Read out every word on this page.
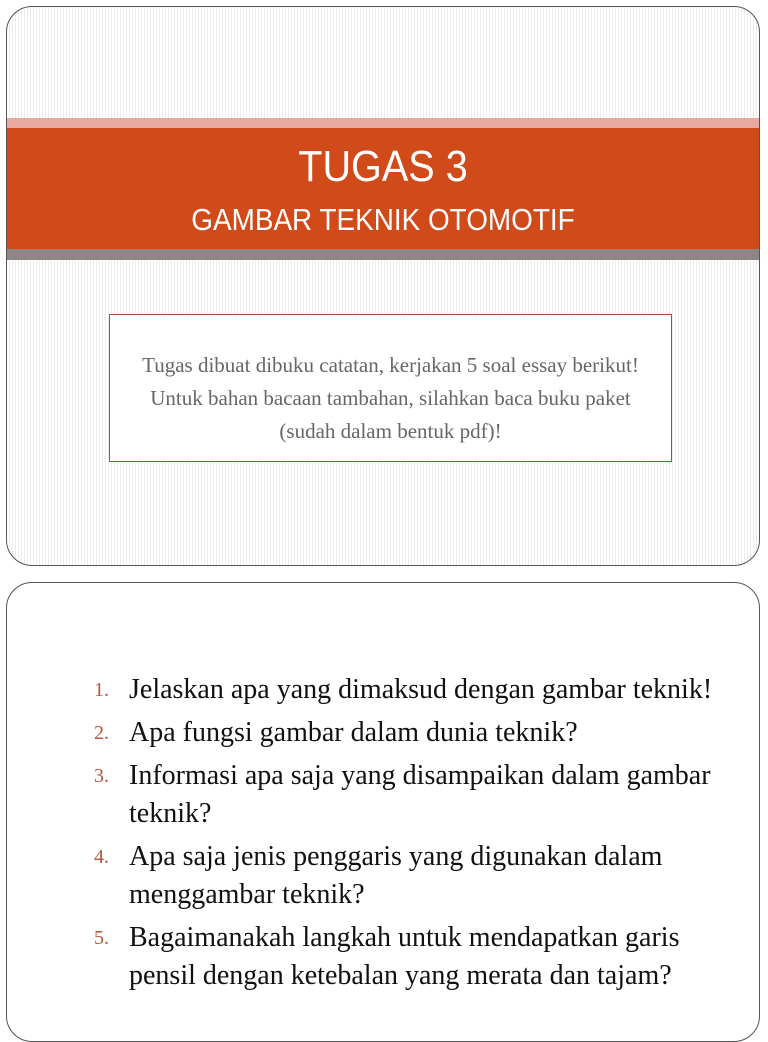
TUGAS 3
GAMBAR TEKNIK OTOMOTIF
Tugas dibuat dibuku catatan, kerjakan 5 soal essay berikut! Untuk bahan bacaan tambahan, silahkan baca buku paket (sudah dalam bentuk pdf)!
1. Jelaskan apa yang dimaksud dengan gambar teknik!
2. Apa fungsi gambar dalam dunia teknik?
3. Informasi apa saja yang disampaikan dalam gambar teknik?
4. Apa saja jenis penggaris yang digunakan dalam menggambar teknik?
5. Bagaimanakah langkah untuk mendapatkan garis pensil dengan ketebalan yang merata dan tajam?
